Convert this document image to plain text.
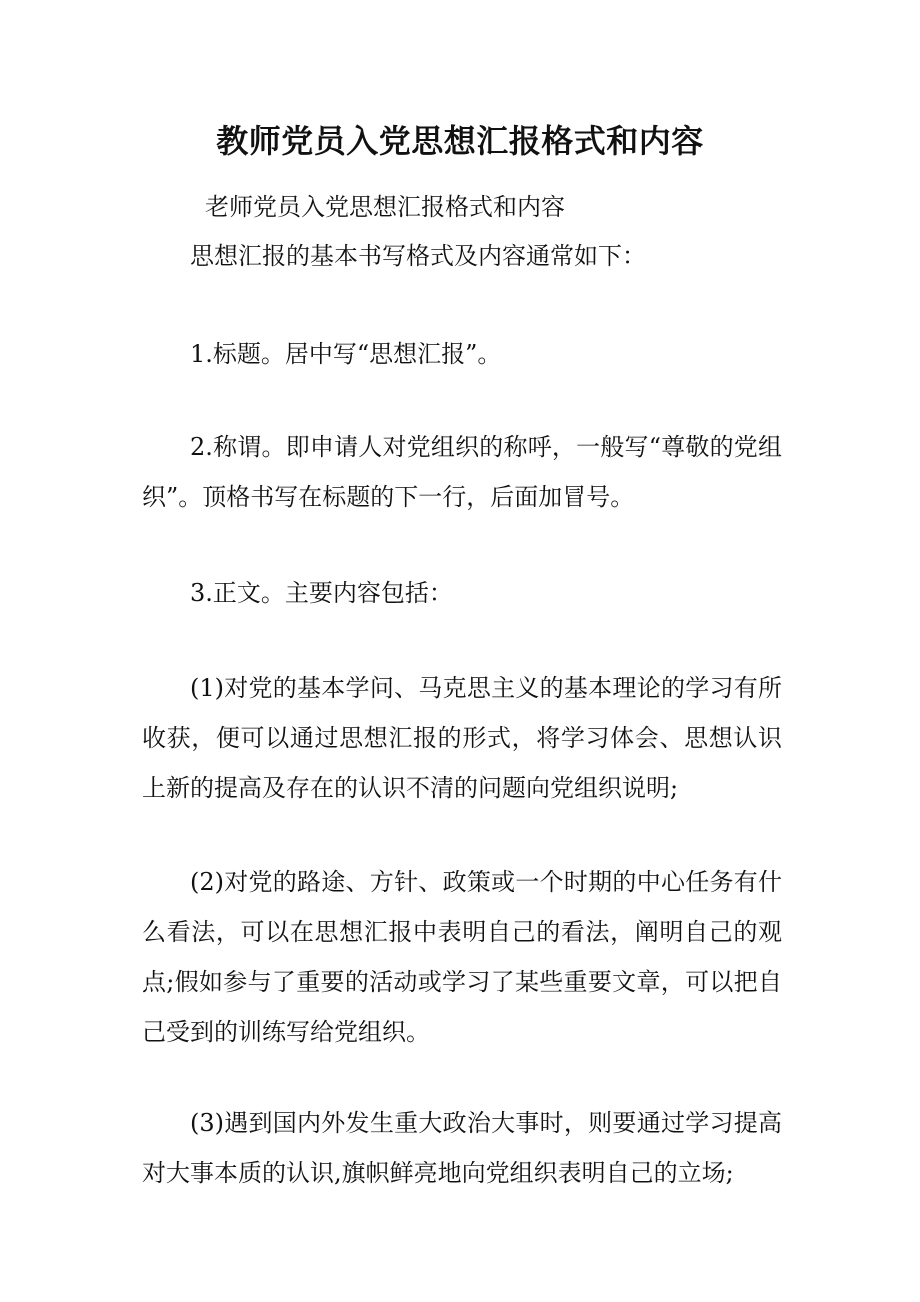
教师党员入党思想汇报格式和内容

老师党员入党思想汇报格式和内容

思想汇报的基本书写格式及内容通常如下：

1.标题。居中写“思想汇报”。

2.称谓。即申请人对党组织的称呼，一般写“尊敬的党组织”。顶格书写在标题的下一行，后面加冒号。

3.正文。主要内容包括：

(1)对党的基本学问、马克思主义的基本理论的学习有所收获，便可以通过思想汇报的形式，将学习体会、思想认识上新的提高及存在的认识不清的问题向党组织说明;

(2)对党的路途、方针、政策或一个时期的中心任务有什么看法，可以在思想汇报中表明自己的看法，阐明自己的观点;假如参与了重要的活动或学习了某些重要文章，可以把自己受到的训练写给党组织。

(3)遇到国内外发生重大政治大事时，则要通过学习提高对大事本质的认识,旗帜鲜亮地向党组织表明自己的立场;
